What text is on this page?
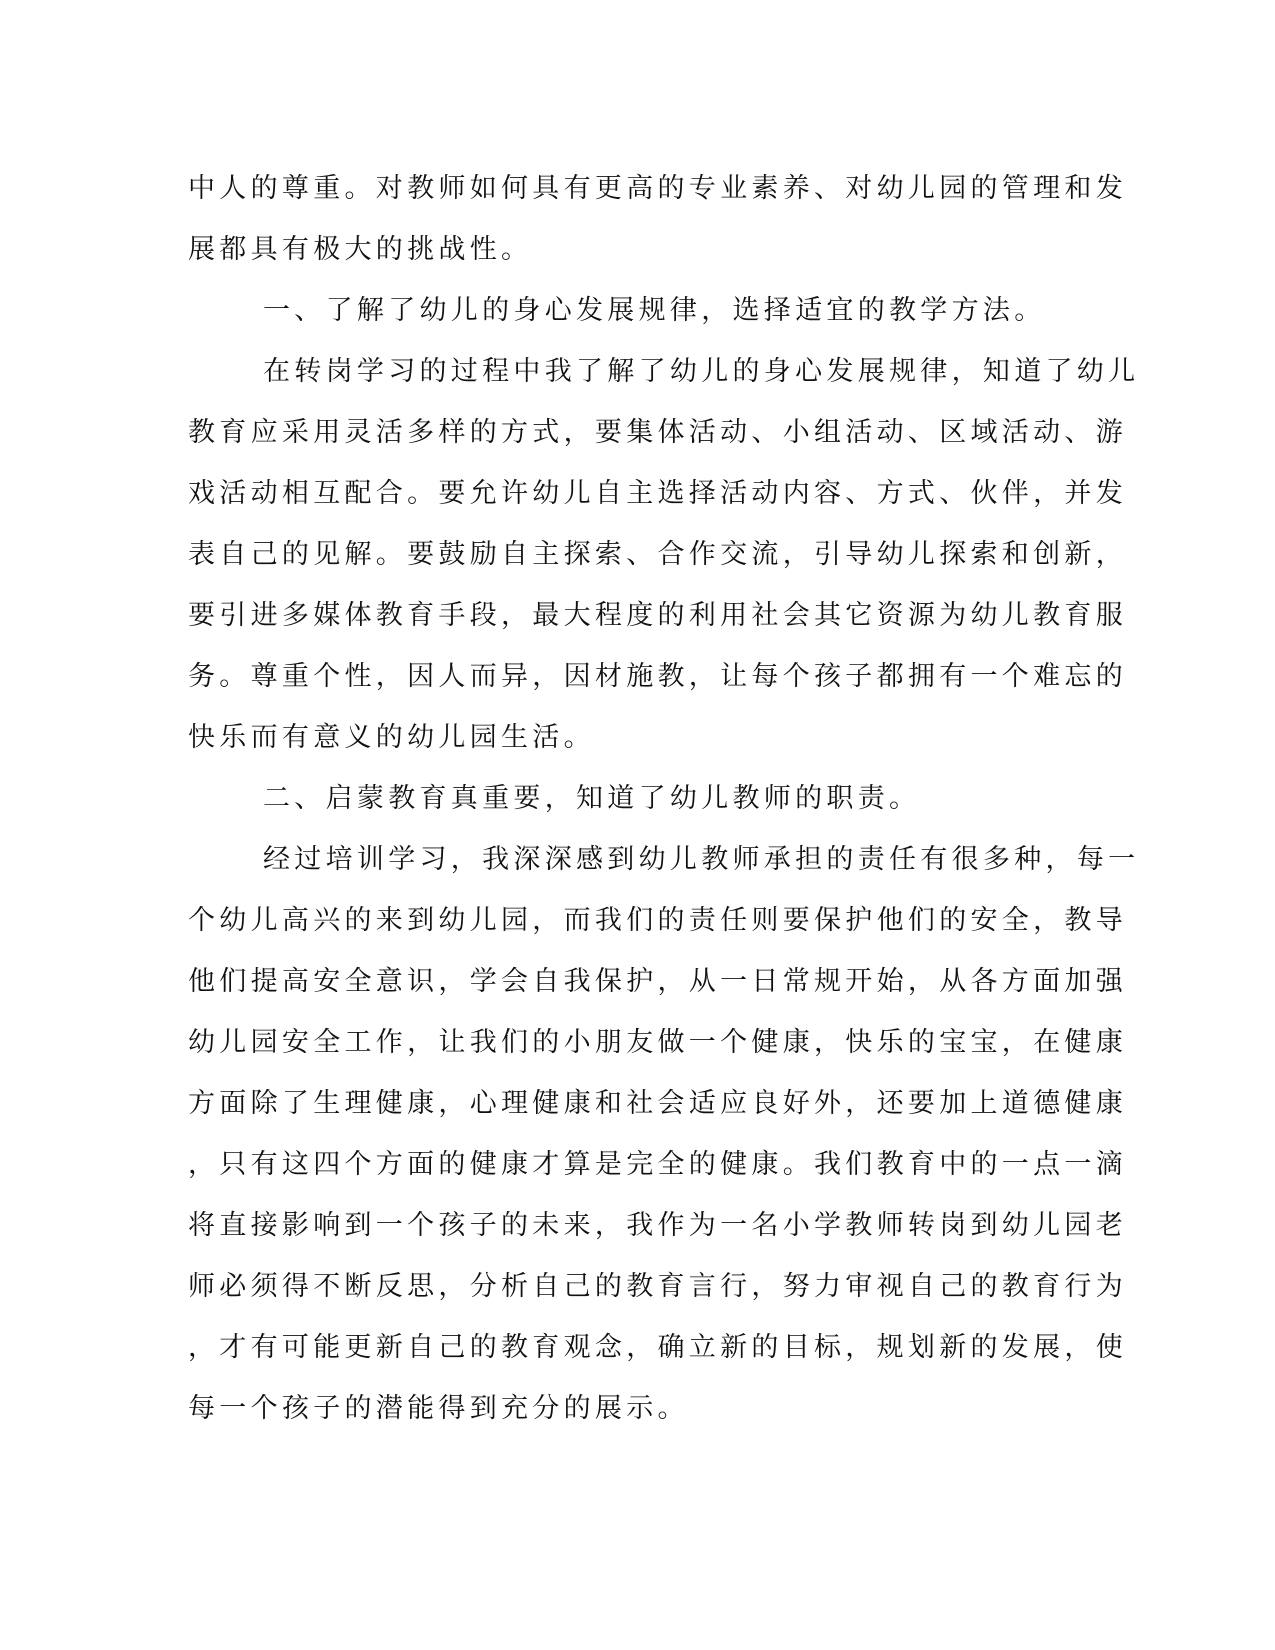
中人的尊重。对教师如何具有更高的专业素养、对幼儿园的管理和发
展都具有极大的挑战性。
一、了解了幼儿的身心发展规律，选择适宜的教学方法。
在转岗学习的过程中我了解了幼儿的身心发展规律，知道了幼儿
教育应采用灵活多样的方式，要集体活动、小组活动、区域活动、游
戏活动相互配合。要允许幼儿自主选择活动内容、方式、伙伴，并发
表自己的见解。要鼓励自主探索、合作交流，引导幼儿探索和创新，
要引进多媒体教育手段，最大程度的利用社会其它资源为幼儿教育服
务。尊重个性，因人而异，因材施教，让每个孩子都拥有一个难忘的
快乐而有意义的幼儿园生活。
二、启蒙教育真重要，知道了幼儿教师的职责。
经过培训学习，我深深感到幼儿教师承担的责任有很多种，每一
个幼儿高兴的来到幼儿园，而我们的责任则要保护他们的安全，教导
他们提高安全意识，学会自我保护，从一日常规开始，从各方面加强
幼儿园安全工作，让我们的小朋友做一个健康，快乐的宝宝，在健康
方面除了生理健康，心理健康和社会适应良好外，还要加上道德健康
，只有这四个方面的健康才算是完全的健康。我们教育中的一点一滴
将直接影响到一个孩子的未来，我作为一名小学教师转岗到幼儿园老
师必须得不断反思，分析自己的教育言行，努力审视自己的教育行为
，才有可能更新自己的教育观念，确立新的目标，规划新的发展，使
每一个孩子的潜能得到充分的展示。
